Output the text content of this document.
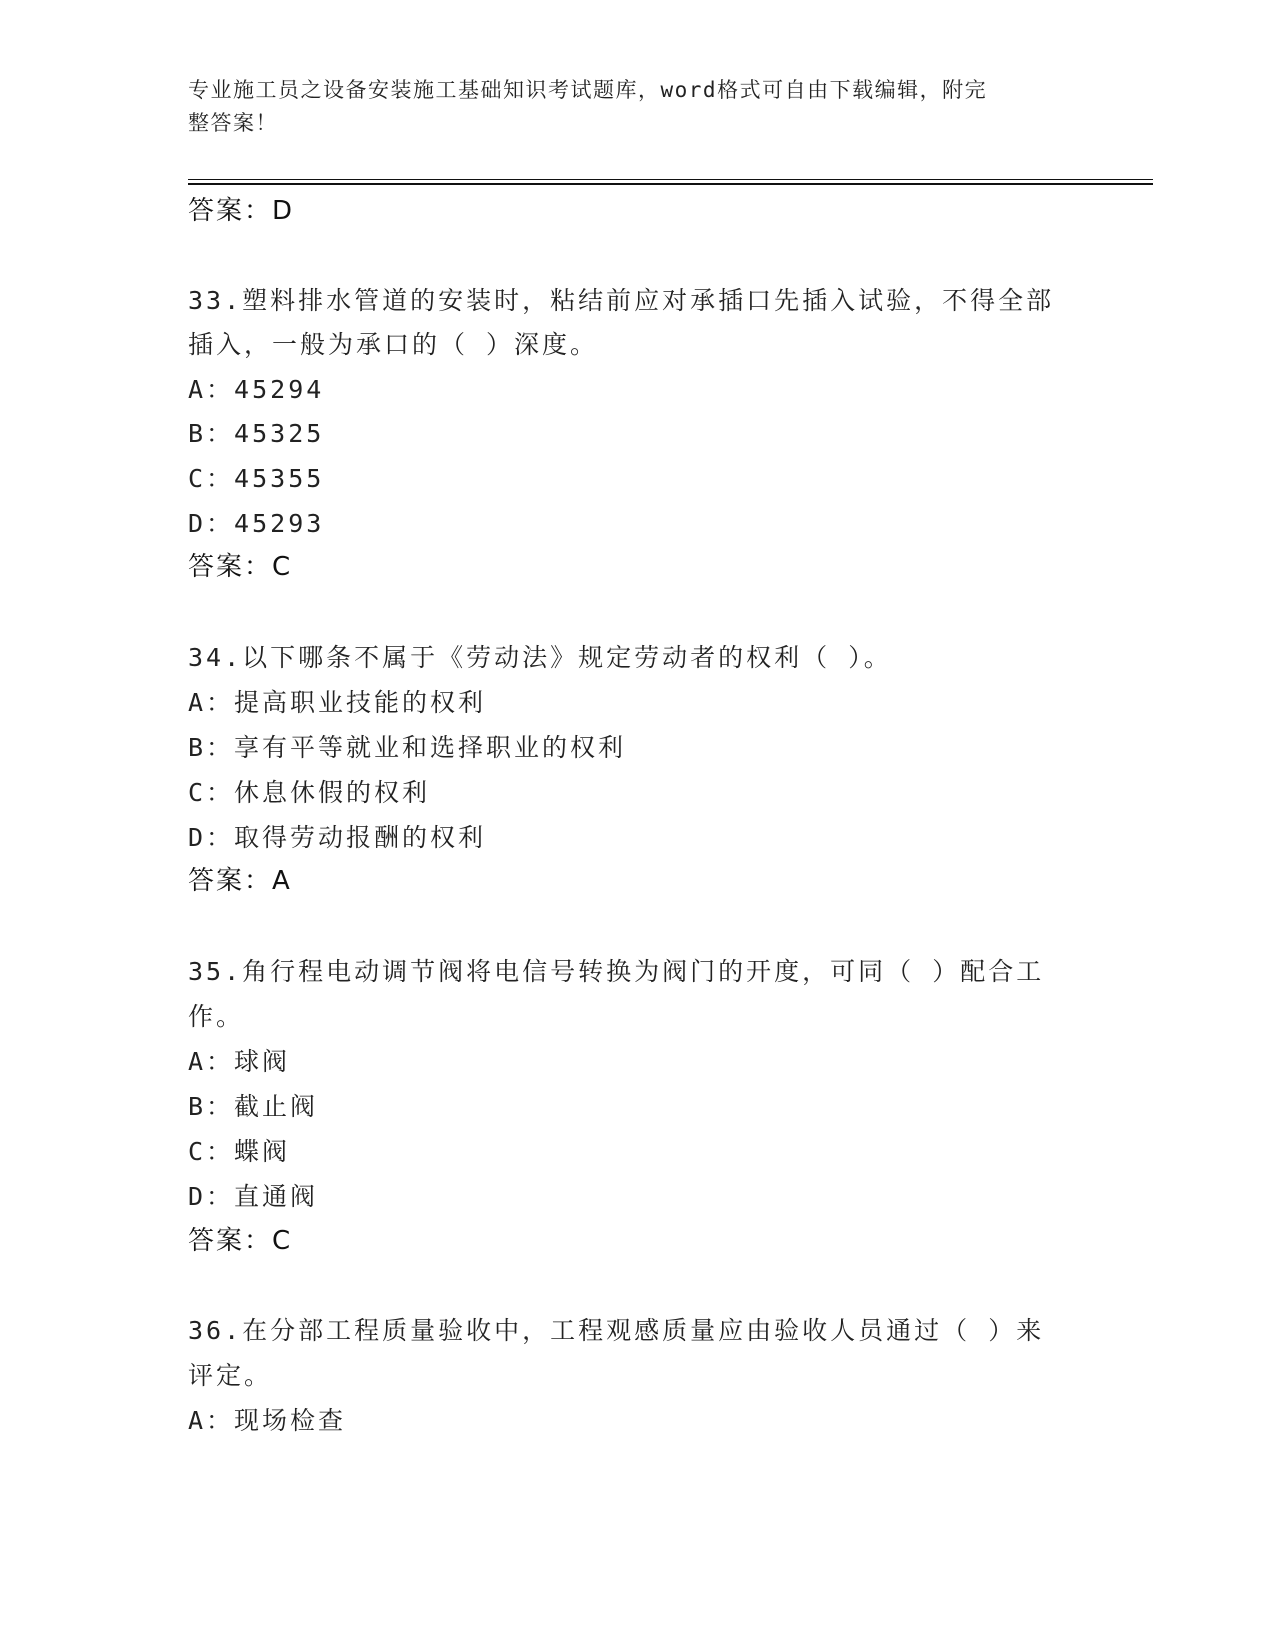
专业施工员之设备安装施工基础知识考试题库，word格式可自由下载编辑，附完
整答案！
答案：D
33.塑料排水管道的安装时，粘结前应对承插口先插入试验，不得全部
插入，一般为承口的（ ）深度。
A：45294
B：45325
C：45355
D：45293
答案：C
34.以下哪条不属于《劳动法》规定劳动者的权利（ ）。
A：提高职业技能的权利
B：享有平等就业和选择职业的权利
C：休息休假的权利
D：取得劳动报酬的权利
答案：A
35.角行程电动调节阀将电信号转换为阀门的开度，可同（ ）配合工
作。
A：球阀
B：截止阀
C：蝶阀
D：直通阀
答案：C
36.在分部工程质量验收中，工程观感质量应由验收人员通过（ ）来
评定。
A：现场检查
